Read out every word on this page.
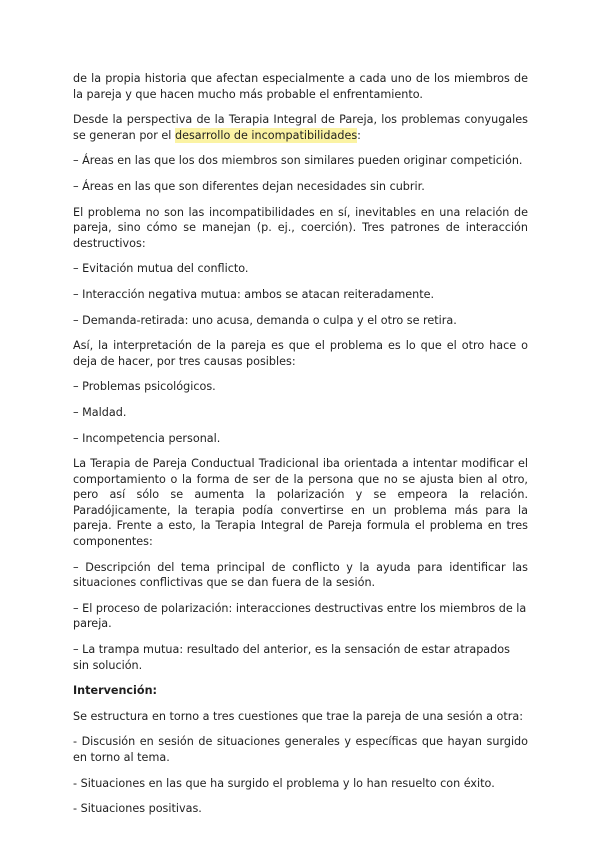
de la propia historia que afectan especialmente a cada uno de los miembros de la pareja y que hacen mucho más probable el enfrentamiento.

Desde la perspectiva de la Terapia Integral de Pareja, los problemas conyugales se generan por el desarrollo de incompatibilidades:

– Áreas en las que los dos miembros son similares pueden originar competición.

– Áreas en las que son diferentes dejan necesidades sin cubrir.

El problema no son las incompatibilidades en sí, inevitables en una relación de pareja, sino cómo se manejan (p. ej., coerción). Tres patrones de interacción destructivos:

– Evitación mutua del conflicto.

– Interacción negativa mutua: ambos se atacan reiteradamente.

– Demanda-retirada: uno acusa, demanda o culpa y el otro se retira.

Así, la interpretación de la pareja es que el problema es lo que el otro hace o deja de hacer, por tres causas posibles:

– Problemas psicológicos.

– Maldad.

– Incompetencia personal.

La Terapia de Pareja Conductual Tradicional iba orientada a intentar modificar el comportamiento o la forma de ser de la persona que no se ajusta bien al otro, pero así sólo se aumenta la polarización y se empeora la relación. Paradójicamente, la terapia podía convertirse en un problema más para la pareja. Frente a esto, la Terapia Integral de Pareja formula el problema en tres componentes:

– Descripción del tema principal de conflicto y la ayuda para identificar las situaciones conflictivas que se dan fuera de la sesión.

– El proceso de polarización: interacciones destructivas entre los miembros de la pareja.

– La trampa mutua: resultado del anterior, es la sensación de estar atrapados sin solución.

Intervención:

Se estructura en torno a tres cuestiones que trae la pareja de una sesión a otra:

- Discusión en sesión de situaciones generales y específicas que hayan surgido en torno al tema.

- Situaciones en las que ha surgido el problema y lo han resuelto con éxito.

- Situaciones positivas.
